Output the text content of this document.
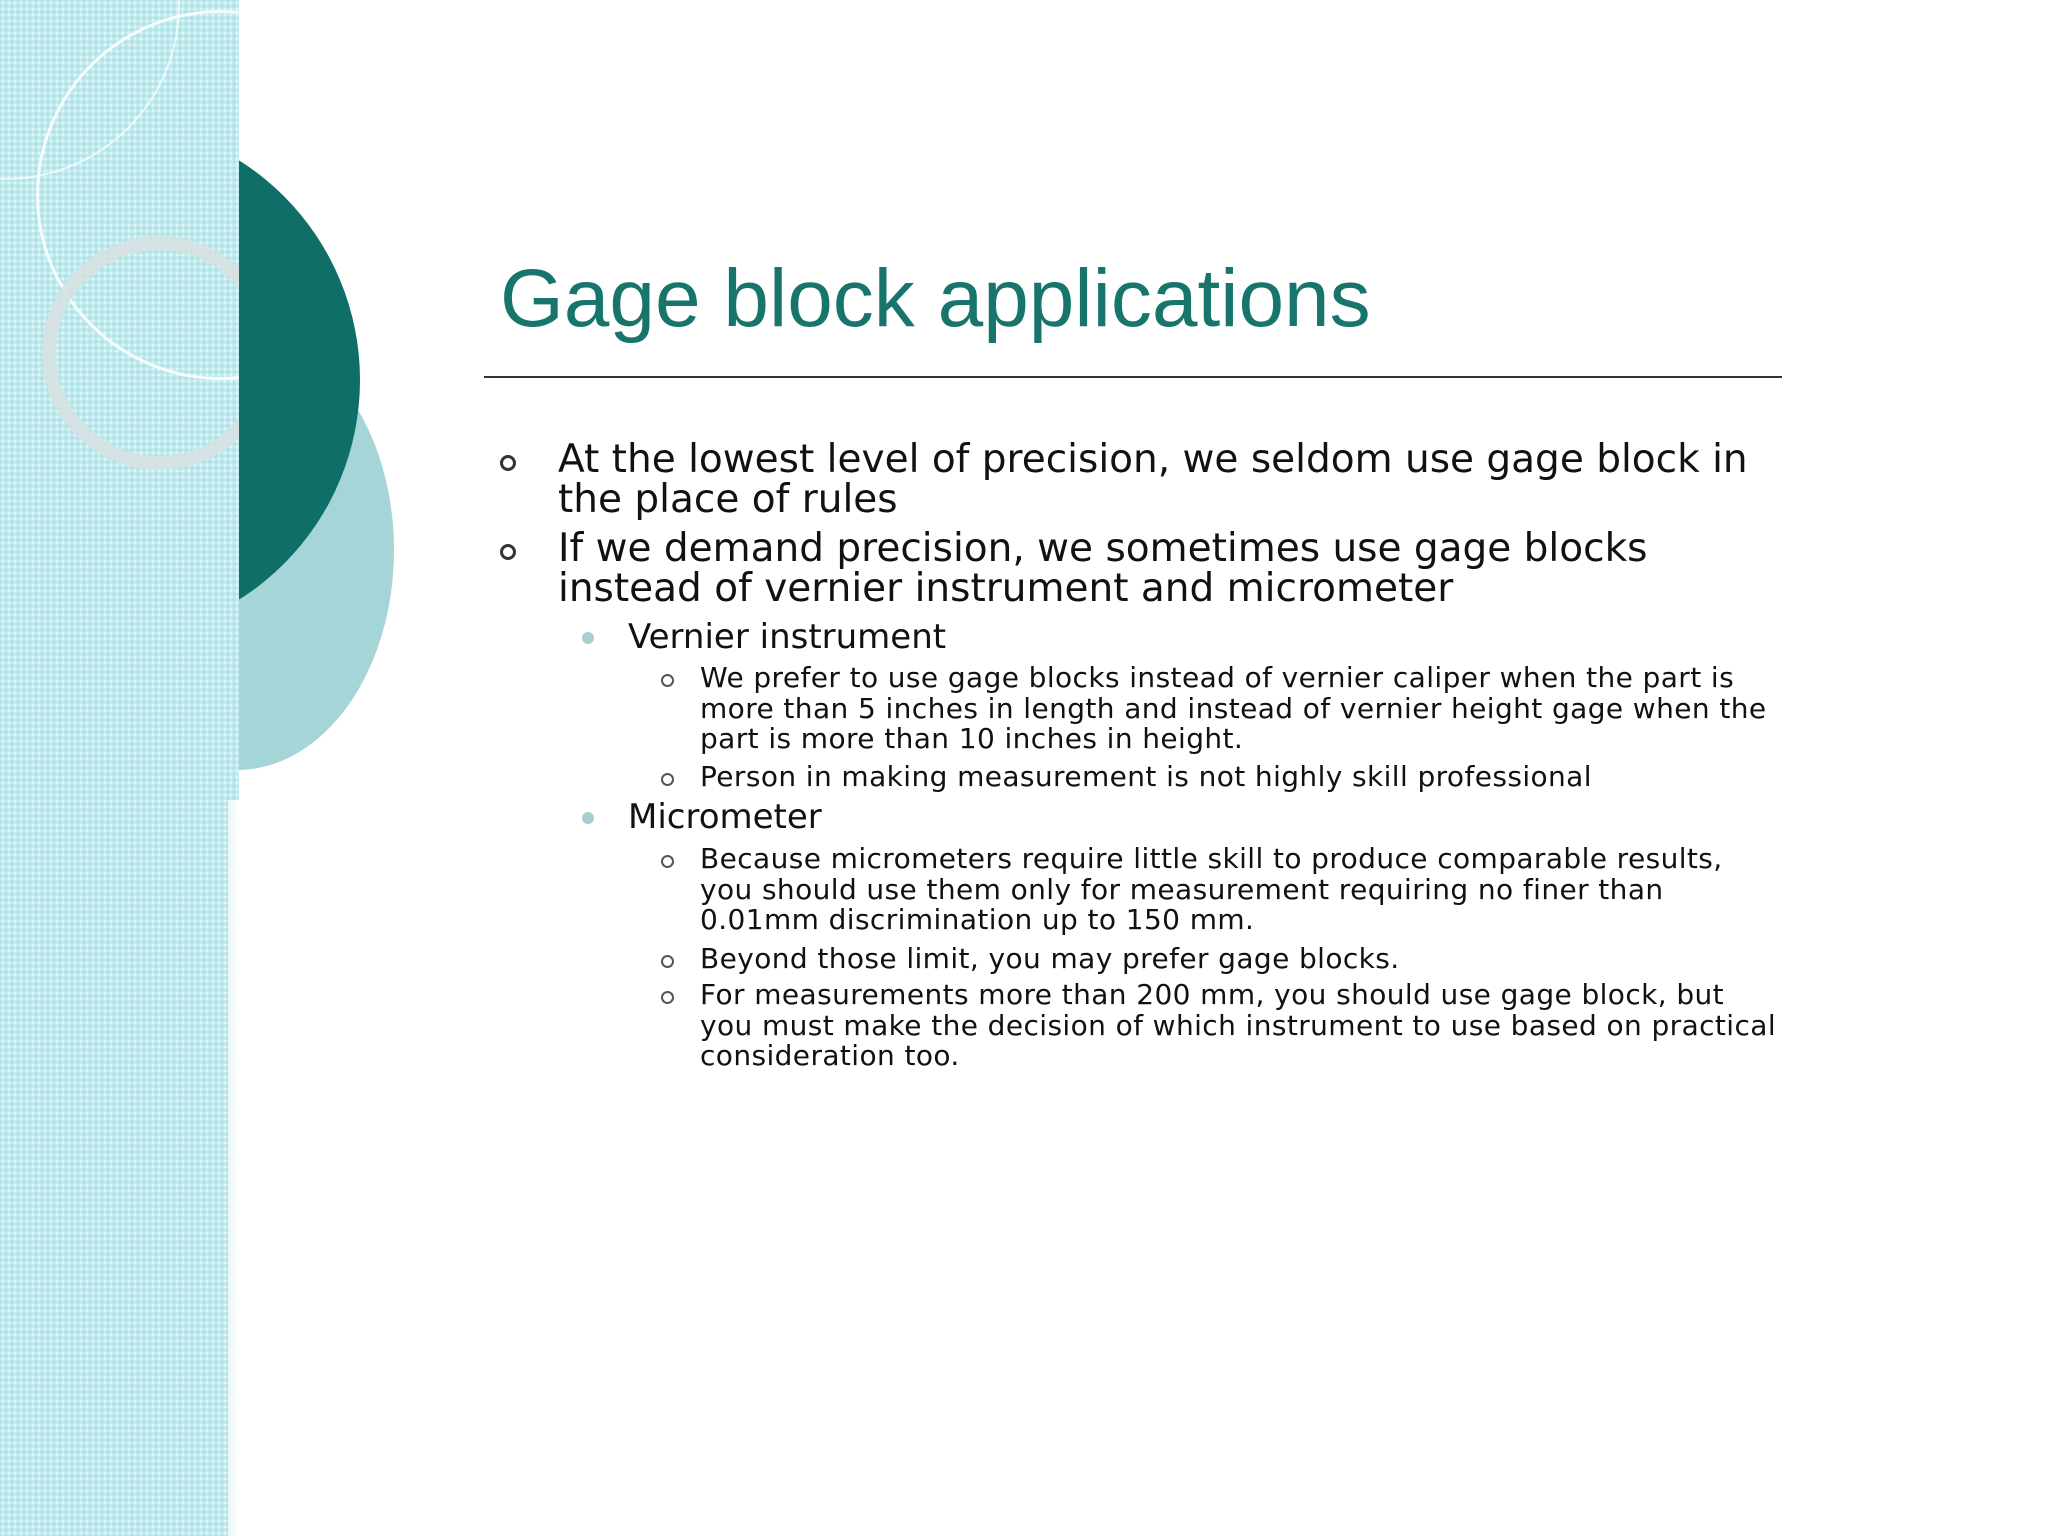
Gage block applications
At the lowest level of precision, we seldom use gage block in the place of rules
If we demand precision, we sometimes use gage blocks instead of vernier instrument and micrometer
Vernier instrument
We prefer to use gage blocks instead of vernier caliper when the part is more than 5 inches in length and instead of vernier height gage when the part is more than 10 inches in height.
Person in making measurement is not highly skill professional
Micrometer
Because micrometers require little skill to produce comparable results, you should use them only for measurement requiring no finer than 0.01mm discrimination up to 150 mm.
Beyond those limit, you may prefer gage blocks.
For measurements more than 200 mm, you should use gage block, but you must make the decision of which instrument to use based on practical consideration too.
